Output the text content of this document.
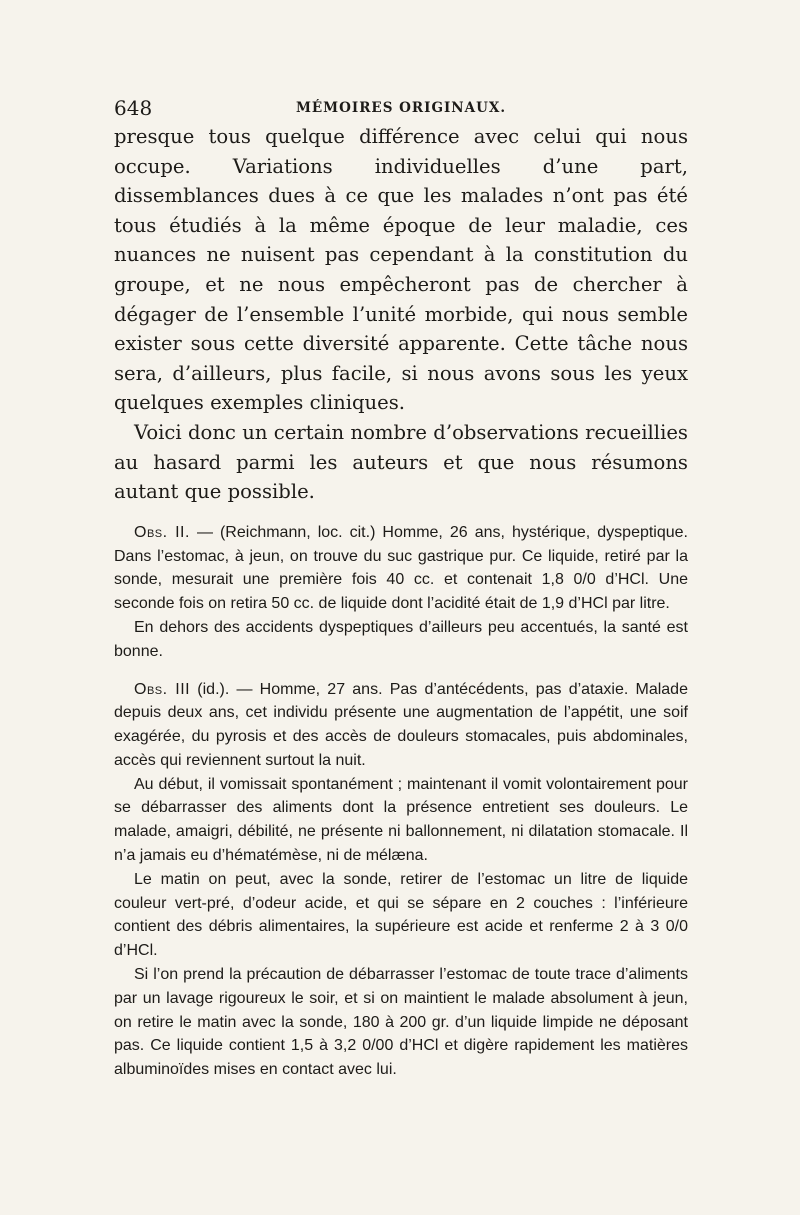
648	MÉMOIRES ORIGINAUX.

presque tous quelque différence avec celui qui nous occupe. Variations individuelles d’une part, dissemblances dues à ce que les malades n’ont pas été tous étudiés à la même époque de leur maladie, ces nuances ne nuisent pas cependant à la constitution du groupe, et ne nous empêcheront pas de chercher à dégager de l’ensemble l’unité morbide, qui nous semble exister sous cette diversité apparente. Cette tâche nous sera, d’ailleurs, plus facile, si nous avons sous les yeux quelques exemples cliniques.

Voici donc un certain nombre d’observations recueillies au hasard parmi les auteurs et que nous résumons autant que possible.

Obs. II. — (Reichmann, loc. cit.) Homme, 26 ans, hystérique, dyspeptique. Dans l’estomac, à jeun, on trouve du suc gastrique pur. Ce liquide, retiré par la sonde, mesurait une première fois 40 cc. et contenait 1,8 0/0 d’HCl. Une seconde fois on retira 50 cc. de liquide dont l’acidité était de 1,9 d’HCl par litre.

En dehors des accidents dyspeptiques d’ailleurs peu accentués, la santé est bonne.

Obs. III (id.). — Homme, 27 ans. Pas d’antécédents, pas d’ataxie. Malade depuis deux ans, cet individu présente une augmentation de l’appétit, une soif exagérée, du pyrosis et des accès de douleurs stomacales, puis abdominales, accès qui reviennent surtout la nuit.

Au début, il vomissait spontanément ; maintenant il vomit volontairement pour se débarrasser des aliments dont la présence entretient ses douleurs. Le malade, amaigri, débilité, ne présente ni ballonnement, ni dilatation stomacale. Il n’a jamais eu d’hématémèse, ni de mélæna.

Le matin on peut, avec la sonde, retirer de l’estomac un litre de liquide couleur vert-pré, d’odeur acide, et qui se sépare en 2 couches : l’inférieure contient des débris alimentaires, la supérieure est acide et renferme 2 à 3 0/0 d’HCl.

Si l’on prend la précaution de débarrasser l’estomac de toute trace d’aliments par un lavage rigoureux le soir, et si on maintient le malade absolument à jeun, on retire le matin avec la sonde, 180 à 200 gr. d’un liquide limpide ne déposant pas. Ce liquide contient 1,5 à 3,2 0/00 d’HCl et digère rapidement les matières albuminoïdes mises en contact avec lui.
